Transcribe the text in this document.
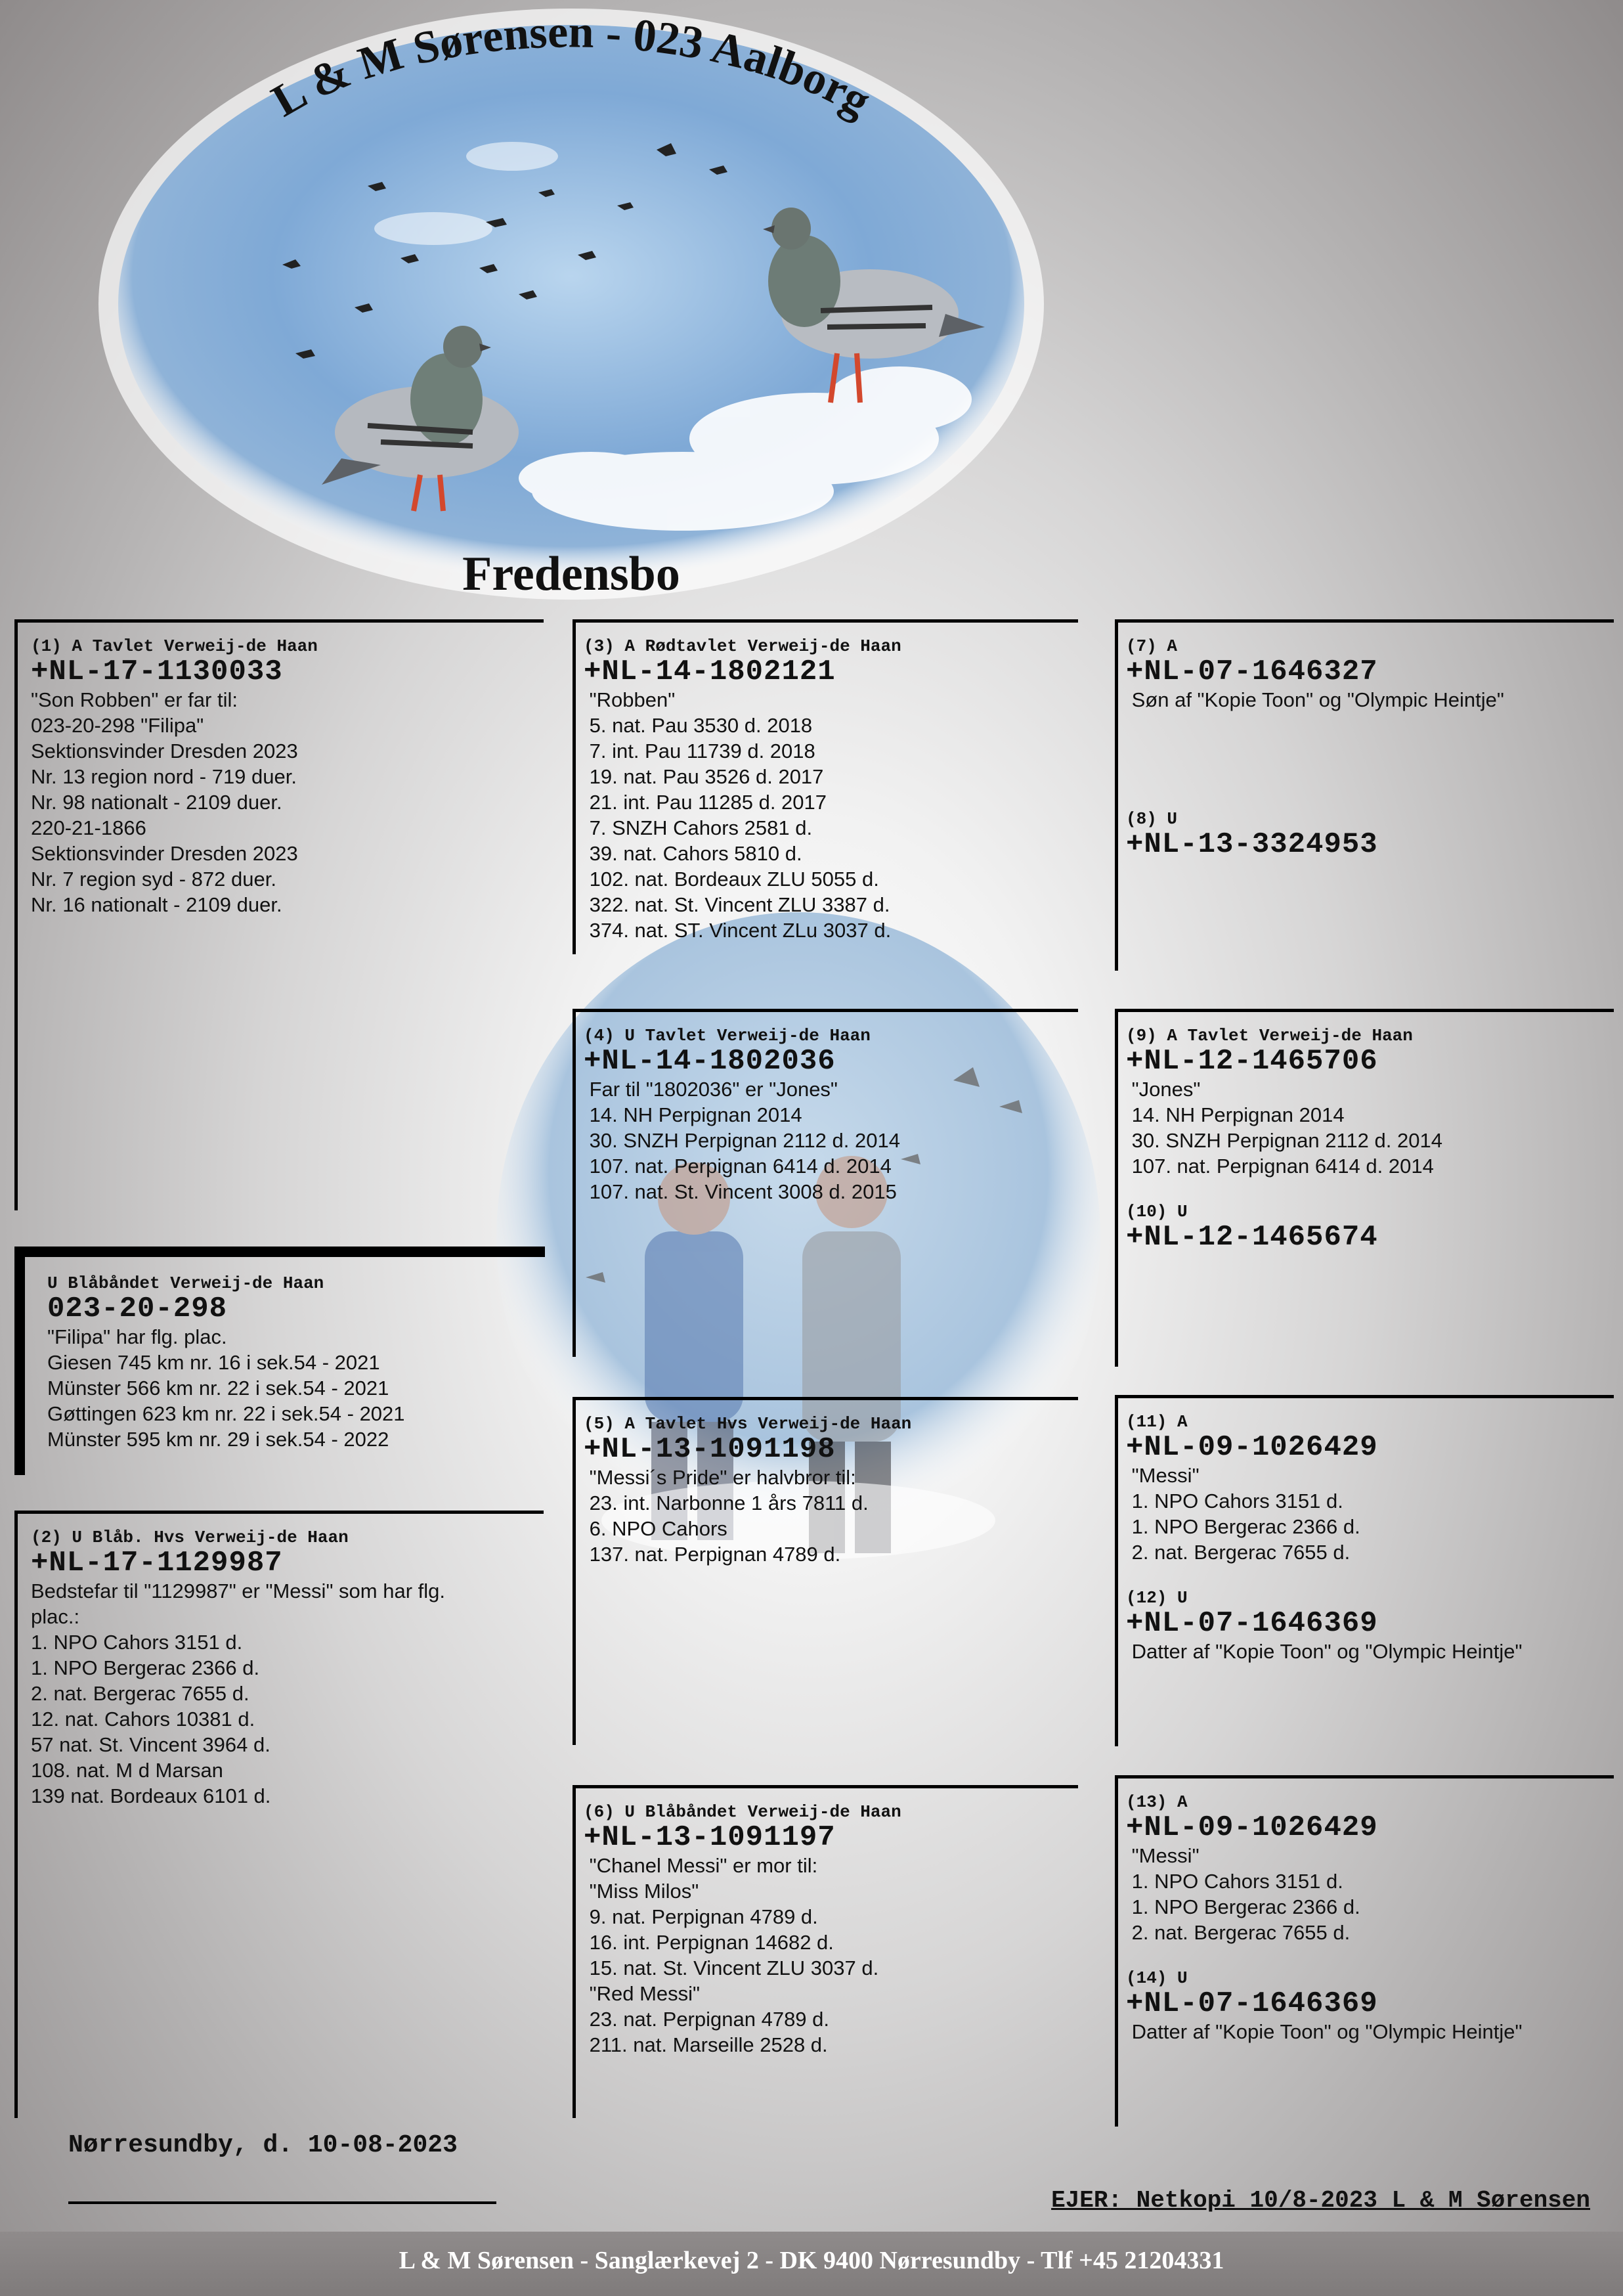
L & M Sørensen - 023 Aalborg
Fredensbo
(1) A Tavlet Verweij-de Haan
+NL-17-1130033
"Son Robben" er far til:
023-20-298 "Filipa"
Sektionsvinder Dresden 2023
Nr. 13 region nord - 719 duer.
Nr. 98 nationalt - 2109 duer.
220-21-1866
Sektionsvinder Dresden 2023
Nr. 7 region syd - 872 duer.
Nr. 16 nationalt - 2109 duer.
U Blåbåndet Verweij-de Haan
023-20-298
"Filipa" har flg. plac.
Giesen 745 km nr. 16 i sek.54 - 2021
Münster 566 km nr. 22 i sek.54 - 2021
Gøttingen 623 km nr. 22 i sek.54 - 2021
Münster 595 km nr. 29 i sek.54 - 2022
(2) U Blåb. Hvs Verweij-de Haan
+NL-17-1129987
Bedstefar til "1129987" er "Messi" som har flg.
plac.:
1. NPO Cahors 3151 d.
1. NPO Bergerac 2366 d.
2. nat. Bergerac 7655 d.
12. nat. Cahors 10381 d.
57 nat. St. Vincent 3964 d.
108. nat. M d Marsan
139 nat. Bordeaux 6101 d.
(3) A Rødtavlet Verweij-de Haan
+NL-14-1802121
"Robben"
5. nat. Pau 3530 d. 2018
7. int. Pau 11739 d. 2018
19. nat. Pau 3526 d. 2017
21. int. Pau 11285 d. 2017
7. SNZH Cahors 2581 d.
39. nat. Cahors 5810 d.
102. nat. Bordeaux ZLU 5055 d.
322. nat. St. Vincent ZLU 3387 d.
374. nat. ST. Vincent ZLu 3037 d.
(4) U Tavlet Verweij-de Haan
+NL-14-1802036
Far til "1802036" er "Jones"
14. NH Perpignan 2014
30. SNZH Perpignan 2112 d. 2014
107. nat. Perpignan 6414 d. 2014
107. nat. St. Vincent 3008 d. 2015
(5) A Tavlet Hvs Verweij-de Haan
+NL-13-1091198
"Messi´s Pride" er halvbror til:
23. int. Narbonne 1 års 7811 d.
6. NPO Cahors
137. nat. Perpignan 4789 d.
(6) U Blåbåndet Verweij-de Haan
+NL-13-1091197
"Chanel Messi" er mor til:
"Miss Milos"
9. nat. Perpignan 4789 d.
16. int. Perpignan 14682 d.
15. nat. St. Vincent ZLU 3037 d.
"Red Messi"
23. nat. Perpignan 4789 d.
211. nat. Marseille 2528 d.
(7) A
+NL-07-1646327
Søn af "Kopie Toon" og "Olympic Heintje"
(8) U
+NL-13-3324953
(9) A Tavlet Verweij-de Haan
+NL-12-1465706
"Jones"
14. NH Perpignan 2014
30. SNZH Perpignan 2112 d. 2014
107. nat. Perpignan 6414 d. 2014
(10) U
+NL-12-1465674
(11) A
+NL-09-1026429
"Messi"
1. NPO Cahors 3151 d.
1. NPO Bergerac 2366 d.
2. nat. Bergerac 7655 d.
(12) U
+NL-07-1646369
Datter af "Kopie Toon" og "Olympic Heintje"
(13) A
+NL-09-1026429
"Messi"
1. NPO Cahors 3151 d.
1. NPO Bergerac 2366 d.
2. nat. Bergerac 7655 d.
(14) U
+NL-07-1646369
Datter af "Kopie Toon" og "Olympic Heintje"
Nørresundby, d. 10-08-2023
EJER: Netkopi 10/8-2023 L & M Sørensen
L & M Sørensen - Sanglærkevej 2 - DK 9400 Nørresundby - Tlf +45 21204331
